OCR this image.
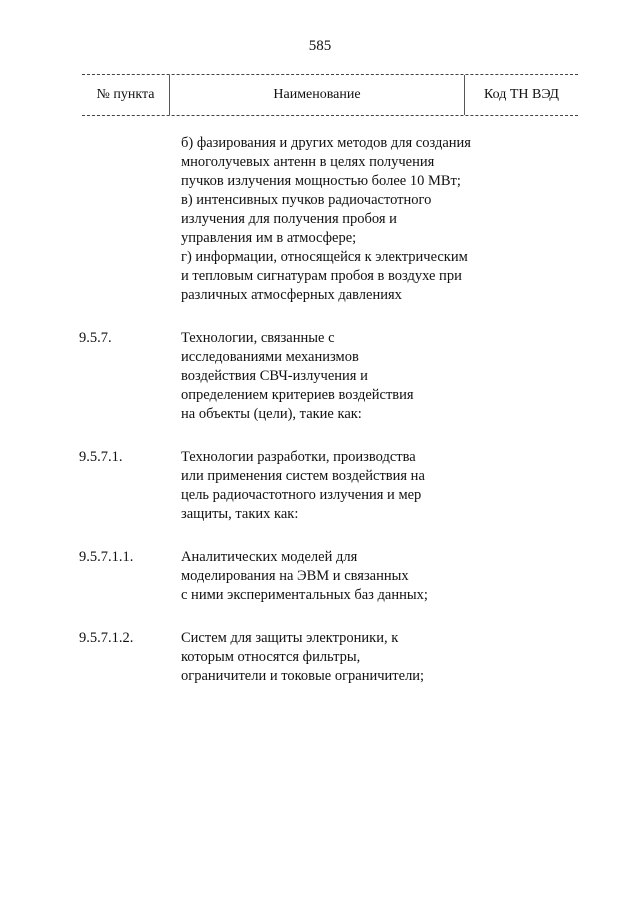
585
№ пункта	Наименование	Код ТН ВЭД

б) фазирования и других методов для создания многолучевых антенн в целях получения пучков излучения мощностью более 10 МВт;

в) интенсивных пучков радиочастотного излучения для получения пробоя и управления им в атмосфере;

г) информации, относящейся к электрическим и тепловым сигнатурам пробоя в воздухе при различных атмосферных давлениях

9.5.7.	Технологии, связанные с
исследованиями механизмов
воздействия СВЧ-излучения и
определением критериев воздействия
на объекты (цели), такие как:
9.5.7.1.	Технологии разработки, производства
или применения систем воздействия на
цель радиочастотного излучения и мер
защиты, таких как:
9.5.7.1.1.	Аналитических моделей для
моделирования на ЭВМ и связанных
с ними экспериментальных баз данных;
9.5.7.1.2.	Систем для защиты электроники, к
которым относятся фильтры,
ограничители и токовые ограничители;
